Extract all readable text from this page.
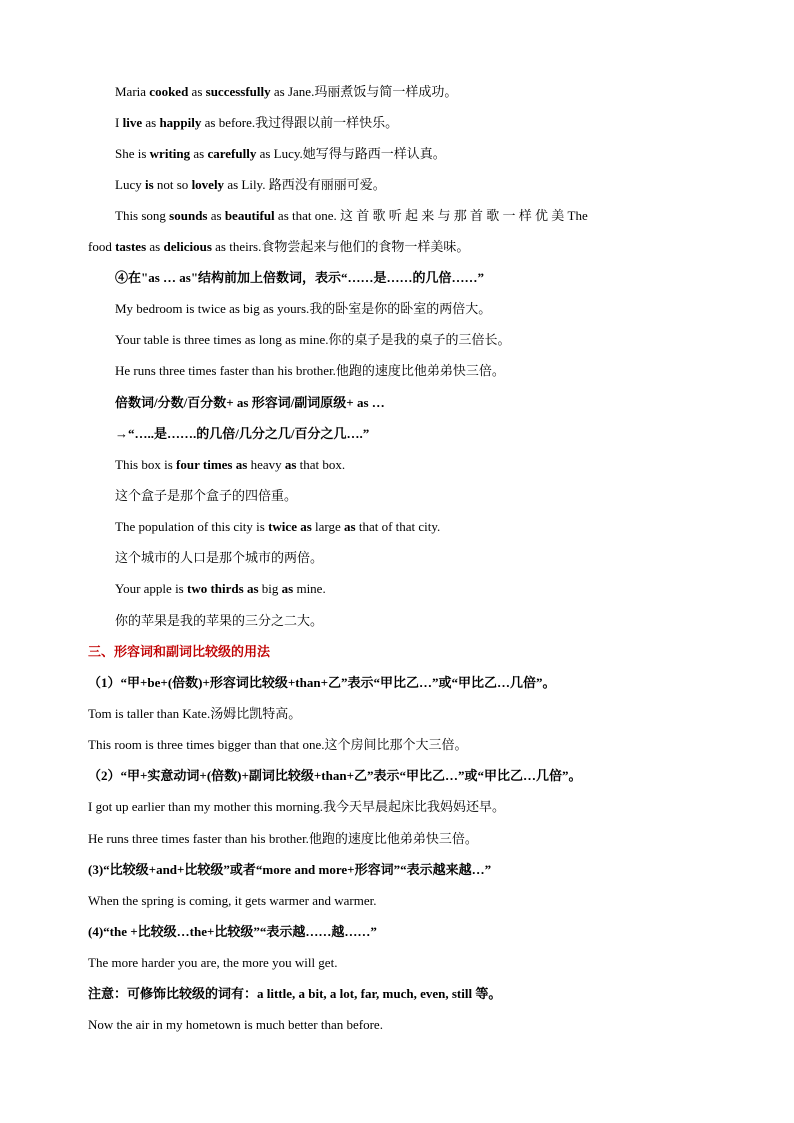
Maria cooked as successfully as Jane.玛丽煮饭与简一样成功。
I live as happily as before.我过得跟以前一样快乐。
She is writing as carefully as Lucy.她写得与路西一样认真。
Lucy is not so lovely as Lily. 路西没有丽丽可爱。
This song sounds as beautiful as that one. 这 首 歌 听 起 来 与 那 首 歌 一 样 优 美 The
food tastes as delicious as theirs.食物尝起来与他们的食物一样美味。
④在"as … as"结构前加上倍数词，表示“……是……的几倍……”
My bedroom is twice as big as yours.我的卧室是你的卧室的两倍大。
Your table is three times as long as mine.你的桌子是我的桌子的三倍长。
He runs three times faster than his brother.他跑的速度比他弟弟快三倍。
倍数词/分数/百分数+ as 形容词/副词原级+ as …
→“…..是…….的几倍/几分之几/百分之几….”
This box is four times as heavy as that box.
这个盒子是那个盒子的四倍重。
The population of this city is twice as large as that of that city.
这个城市的人口是那个城市的两倍。
Your apple is two thirds as big as mine.
你的苹果是我的苹果的三分之二大。
三、形容词和副词比较级的用法
（1）“甲+be+(倍数)+形容词比较级+than+乙”表示“甲比乙…”或“甲比乙…几倍”。
Tom is taller than Kate.汤姆比凯特高。
This room is three times bigger than that one.这个房间比那个大三倍。
（2）“甲+实意动词+(倍数)+副词比较级+than+乙”表示“甲比乙…”或“甲比乙…几倍”。
I got up earlier than my mother this morning.我今天早晨起床比我妈妈还早。
He runs three times faster than his brother.他跑的速度比他弟弟快三倍。
(3)“比较级+and+比较级”或者“more and more+形容词”“表示越来越…”
When the spring is coming, it gets warmer and warmer.
(4)“the +比较级…the+比较级”“表示越……越……”
The more harder you are, the more you will get.
注意：可修饰比较级的词有：a little, a bit, a lot, far, much, even, still 等。
Now the air in my hometown is much better than before.
